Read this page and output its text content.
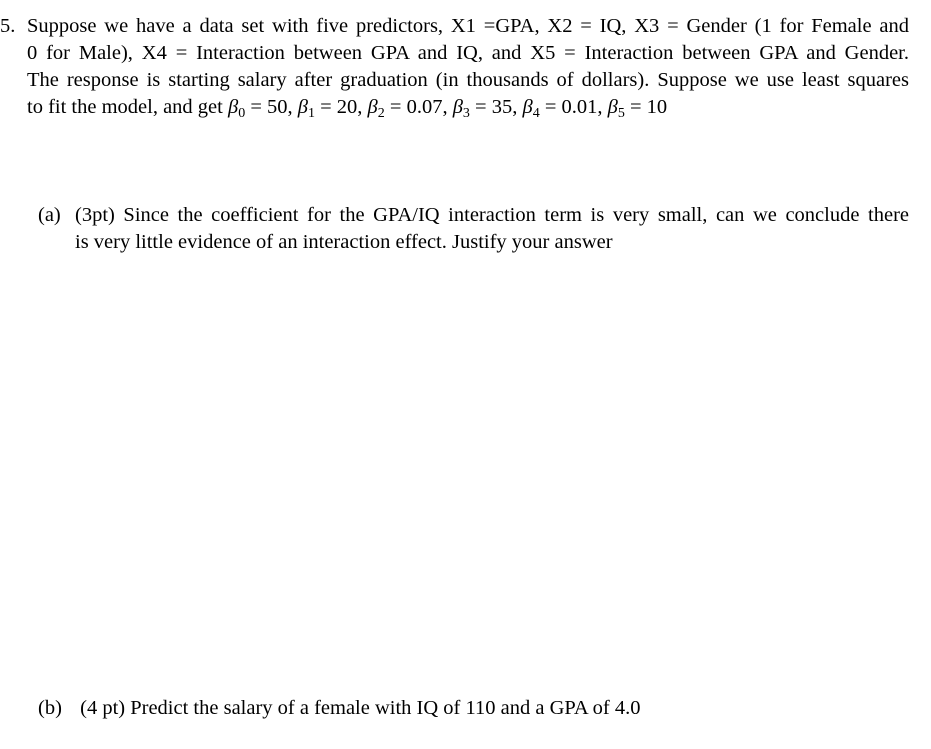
5. Suppose we have a data set with five predictors, X1 =GPA, X2 = IQ, X3 = Gender (1 for Female and
0 for Male), X4 = Interaction between GPA and IQ, and X5 = Interaction between GPA and Gender.
The response is starting salary after graduation (in thousands of dollars). Suppose we use least squares
to fit the model, and get $\beta_0 = 50$, $\beta_1 = 20$, $\beta_2 = 0.07$, $\beta_3 = 35$, $\beta_4 = 0.01$, $\beta_5 = 10$
(a) (3pt) Since the coefficient for the GPA/IQ interaction term is very small, can we conclude there
is very little evidence of an interaction effect. Justify your answer
(b) (4 pt) Predict the salary of a female with IQ of 110 and a GPA of 4.0
